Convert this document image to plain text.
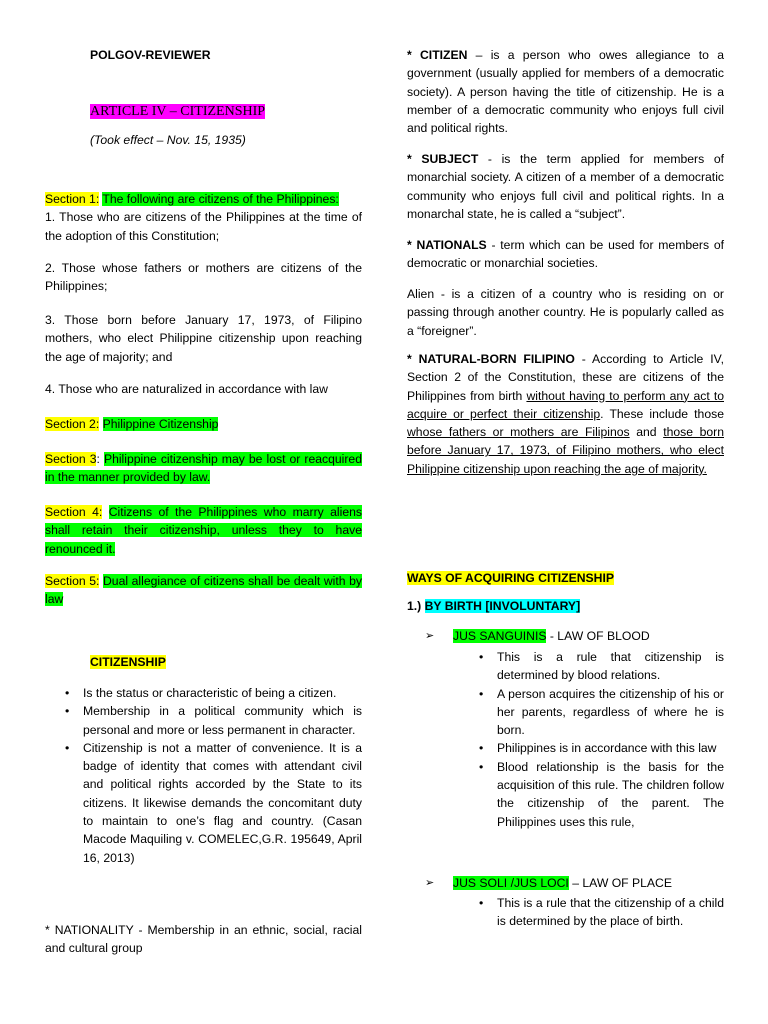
POLGOV-REVIEWER
ARTICLE IV – CITIZENSHIP
(Took effect – Nov. 15, 1935)
Section 1: The following are citizens of the Philippines:
1. Those who are citizens of the Philippines at the time of the adoption of this Constitution;
2. Those whose fathers or mothers are citizens of the Philippines;
3. Those born before January 17, 1973, of Filipino mothers, who elect Philippine citizenship upon reaching the age of majority; and
4. Those who are naturalized in accordance with law
Section 2: Philippine Citizenship
Section 3: Philippine citizenship may be lost or reacquired in the manner provided by law.
Section 4: Citizens of the Philippines who marry aliens shall retain their citizenship, unless they to have renounced it.
Section 5: Dual allegiance of citizens shall be dealt with by law
CITIZENSHIP
• Is the status or characteristic of being a citizen.
• Membership in a political community which is personal and more or less permanent in character.
• Citizenship is not a matter of convenience. It is a badge of identity that comes with attendant civil and political rights accorded by the State to its citizens. It likewise demands the concomitant duty to maintain to one’s flag and country. (Casan Macode Maquiling v. COMELEC,G.R. 195649, April 16, 2013)
* NATIONALITY - Membership in an ethnic, social, racial and cultural group
* CITIZEN – is a person who owes allegiance to a government (usually applied for members of a democratic society). A person having the title of citizenship. He is a member of a democratic community who enjoys full civil and political rights.
* SUBJECT - is the term applied for members of monarchial society. A citizen of a member of a democratic community who enjoys full civil and political rights. In a monarchal state, he is called a “subject”.
* NATIONALS - term which can be used for members of democratic or monarchial societies.
Alien - is a citizen of a country who is residing on or passing through another country. He is popularly called as a “foreigner”.
* NATURAL-BORN FILIPINO - According to Article IV, Section 2 of the Constitution, these are citizens of the Philippines from birth without having to perform any act to acquire or perfect their citizenship. These include those whose fathers or mothers are Filipinos and those born before January 17, 1973, of Filipino mothers, who elect Philippine citizenship upon reaching the age of majority.
WAYS OF ACQUIRING CITIZENSHIP
1.) BY BIRTH [INVOLUNTARY]
➢ JUS SANGUINIS - LAW OF BLOOD
• This is a rule that citizenship is determined by blood relations.
• A person acquires the citizenship of his or her parents, regardless of where he is born.
• Philippines is in accordance with this law
• Blood relationship is the basis for the acquisition of this rule. The children follow the citizenship of the parent. The Philippines uses this rule,
➢ JUS SOLI /JUS LOCI – LAW OF PLACE
• This is a rule that the citizenship of a child is determined by the place of birth.
